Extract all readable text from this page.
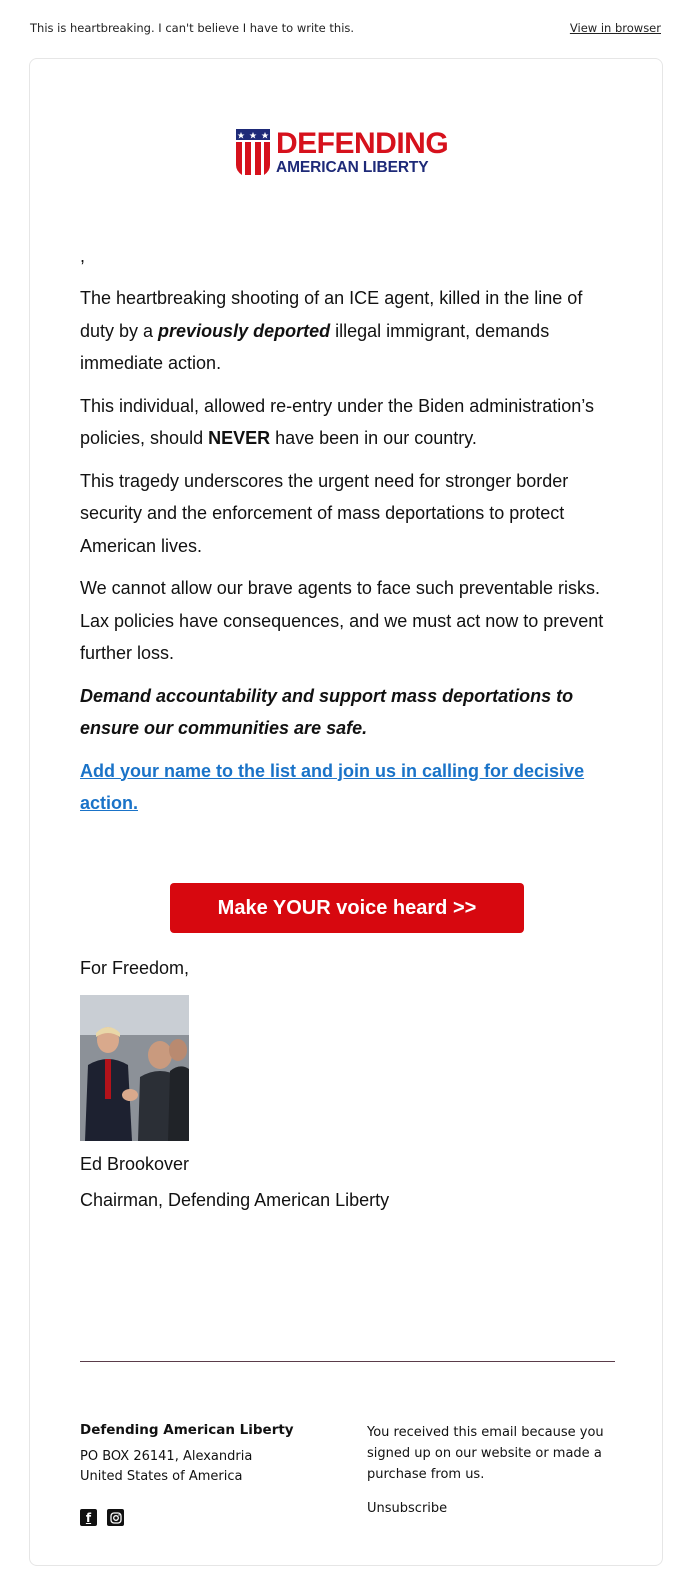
This is heartbreaking. I can't believe I have to write this.	View in browser
DEFENDING
AMERICAN LIBERTY

,

The heartbreaking shooting of an ICE agent, killed in the line of duty by a previously deported illegal immigrant, demands immediate action.

This individual, allowed re-entry under the Biden administration’s policies, should NEVER have been in our country.

This tragedy underscores the urgent need for stronger border security and the enforcement of mass deportations to protect American lives.

We cannot allow our brave agents to face such preventable risks. Lax policies have consequences, and we must act now to prevent further loss.

Demand accountability and support mass deportations to ensure our communities are safe.

Add your name to the list and join us in calling for decisive action.

Make YOUR voice heard >>
For Freedom,
Ed Brookover
Chairman, Defending American Liberty
Defending American Liberty
PO BOX 26141, Alexandria
United States of America
f
You received this email because you signed up on our website or made a purchase from us.
Unsubscribe
